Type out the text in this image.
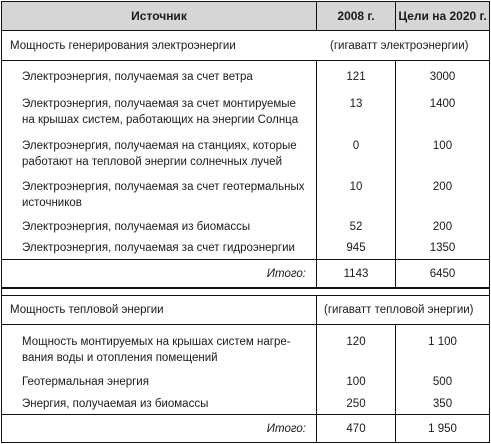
Источник	2008 г.	Цели на 2020 г.
Мощность генерирования электроэнергии	(гигаватт электроэнергии)
Электроэнергия, получаемая за счет ветра	121	3000
Электроэнергия, получаемая за счет монтируемые
на крышах систем, работающих на энергии Солнца
13	1400
Электроэнергия, получаемая на станциях, которые
работают на тепловой энергии солнечных лучей
0	100
Электроэнергия, получаемая за счет геотермальных
источников
10	200
Электроэнергия, получаемая из биомассы	52	200
Электроэнергия, получаемая за счет гидроэнергии	945	1350
Итого:	1143	6450
Мощность тепловой энергии	(гигаватт тепловой энергии)
Мощность монтируемых на крышах систем нагре-
вания воды и отопления помещений
120	1 100
Геотермальная энергия	100	500
Энергия, получаемая из биомассы	250	350
Итого:	470	1 950
